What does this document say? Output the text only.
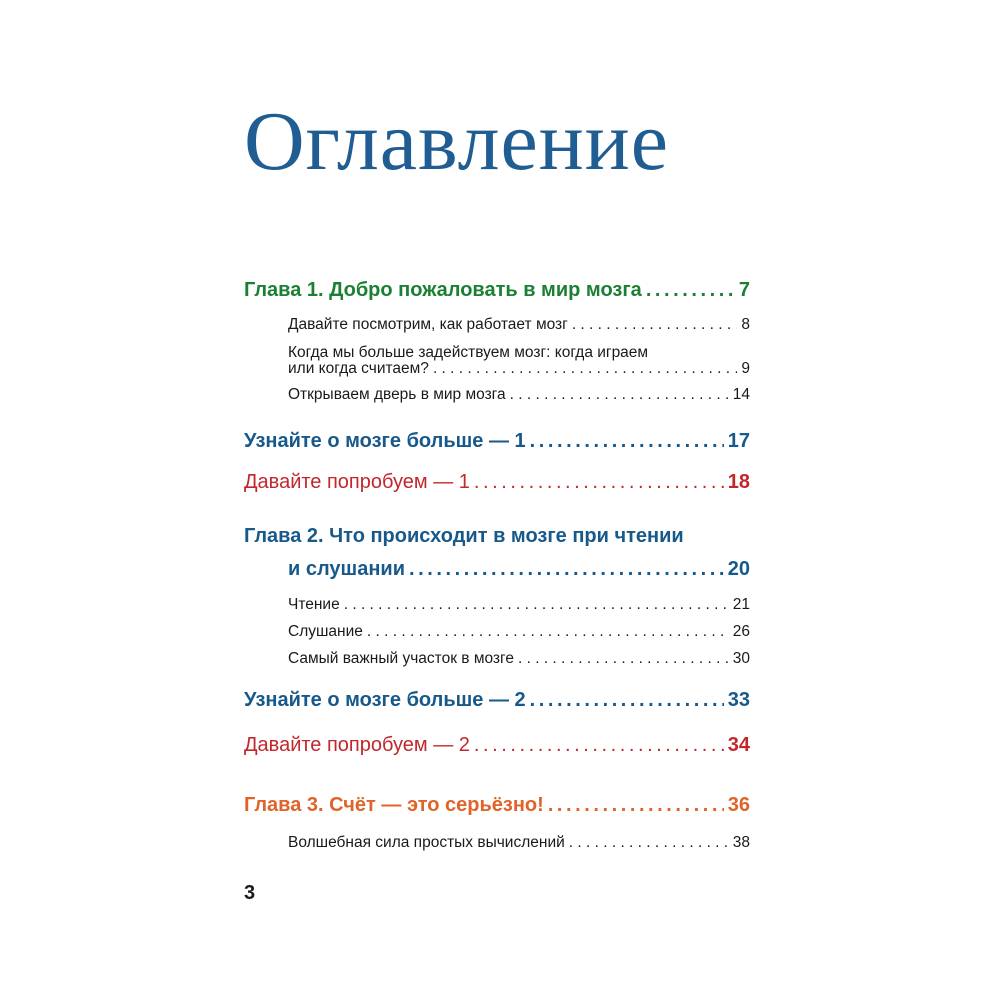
Оглавление
Глава 1. Добро пожаловать в мир мозга . . .	7
Давайте посмотрим, как работает мозг . . .	8
Когда мы больше задействуем мозг: когда играем
или когда считаем? . . .	9
Открываем дверь в мир мозга . . .	14
Узнайте о мозге больше — 1 . . .	17
Давайте попробуем — 1 . . .	18
Глава 2. Что происходит в мозге при чтении
и слушании . . .	20
Чтение . . .	21
Слушание . . .	26
Самый важный участок в мозге . . .	30
Узнайте о мозге больше — 2 . . .	33
Давайте попробуем — 2 . . .	34
Глава 3. Счёт — это серьёзно! . . .	36
Волшебная сила простых вычислений . . .	38
3
